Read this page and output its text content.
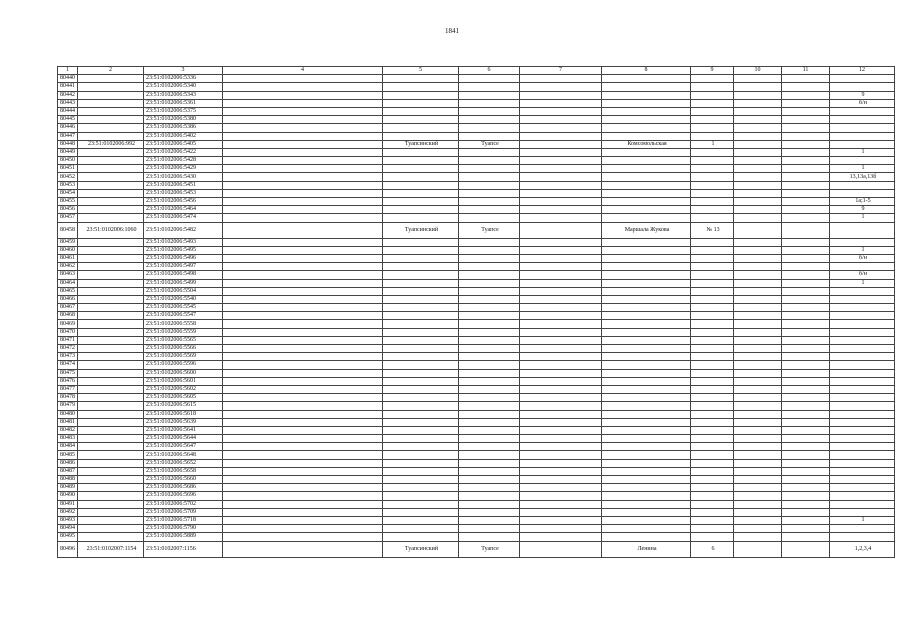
1841
1	2	3	4	5	6	7	8	9	10	11	12
80440		23:51:0102006:5336									
80441		23:51:0102006:5340									
80442		23:51:0102006:5343									9
80443		23:51:0102006:5361									б/н
80444		23:51:0102006:5375									
80445		23:51:0102006:5380									
80446		23:51:0102006:5386									
80447		23:51:0102006:5402									
80448	23:51:0102006:992	23:51:0102006:5405		Туапсинский	Туапсе		Комсомольская	1			
80449		23:51:0102006:5422									1
80450		23:51:0102006:5428									
80451		23:51:0102006:5429									1
80452		23:51:0102006:5430									13,13а,13б
80453		23:51:0102006:5451									
80454		23:51:0102006:5453									
80455		23:51:0102006:5456									1а;1-5
80456		23:51:0102006:5464									9
80457		23:51:0102006:5474									1
80458	23:51:0102006:1060	23:51:0102006:5482		Туапсинский	Туапсе		Маршала Жукова	№ 13			
80459		23:51:0102006:5493									
80460		23:51:0102006:5495									1
80461		23:51:0102006:5496									б/н
80462		23:51:0102006:5497									
80463		23:51:0102006:5498									б/н
80464		23:51:0102006:5499									1
80465		23:51:0102006:5504									
80466		23:51:0102006:5540									
80467		23:51:0102006:5545									
80468		23:51:0102006:5547									
80469		23:51:0102006:5558									
80470		23:51:0102006:5559									
80471		23:51:0102006:5565									
80472		23:51:0102006:5566									
80473		23:51:0102006:5569									
80474		23:51:0102006:5596									
80475		23:51:0102006:5600									
80476		23:51:0102006:5601									
80477		23:51:0102006:5602									
80478		23:51:0102006:5605									
80479		23:51:0102006:5615									
80480		23:51:0102006:5618									
80481		23:51:0102006:5639									
80482		23:51:0102006:5641									
80483		23:51:0102006:5644									
80484		23:51:0102006:5647									
80485		23:51:0102006:5648									
80486		23:51:0102006:5652									
80487		23:51:0102006:5658									
80488		23:51:0102006:5660									
80489		23:51:0102006:5686									
80490		23:51:0102006:5696									
80491		23:51:0102006:5702									
80492		23:51:0102006:5709									
80493		23:51:0102006:5718									1
80494		23:51:0102006:5790									
80495		23:51:0102006:5889									
80496	23:51:0102007:1154	23:51:0102007:1156		Туапсинский	Туапсе		Ленина	6			1,2,3,4
